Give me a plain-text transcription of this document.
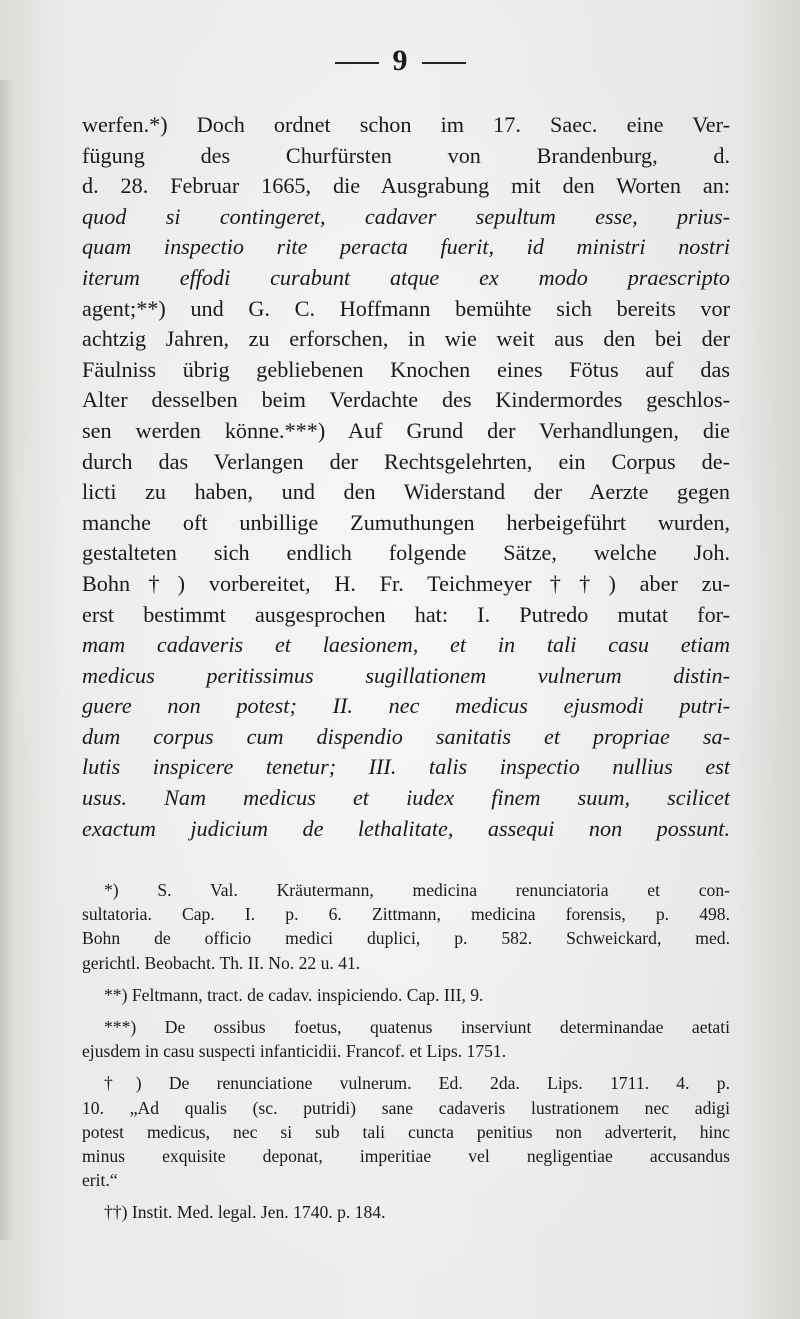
9
werfen.*) Doch ordnet schon im 17. Saec. eine Ver-
fügung des Churfürsten von Brandenburg, d.
d. 28. Februar 1665, die Ausgrabung mit den Worten an:
quod si contingeret, cadaver sepultum esse, prius-
quam inspectio rite peracta fuerit, id ministri nostri
iterum effodi curabunt atque ex modo praescripto
agent;**) und G. C. Hoffmann bemühte sich bereits vor
achtzig Jahren, zu erforschen, in wie weit aus den bei der
Fäulniss übrig gebliebenen Knochen eines Fötus auf das
Alter desselben beim Verdachte des Kindermordes geschlos-
sen werden könne.***) Auf Grund der Verhandlungen, die
durch das Verlangen der Rechtsgelehrten, ein Corpus de-
licti zu haben, und den Widerstand der Aerzte gegen
manche oft unbillige Zumuthungen herbeigeführt wurden,
gestalteten sich endlich folgende Sätze, welche Joh.
Bohn†) vorbereitet, H. Fr. Teichmeyer††) aber zu-
erst bestimmt ausgesprochen hat: I. Putredo mutat for-
mam cadaveris et laesionem, et in tali casu etiam
medicus peritissimus sugillationem vulnerum distin-
guere non potest; II. nec medicus ejusmodi putri-
dum corpus cum dispendio sanitatis et propriae sa-
lutis inspicere tenetur; III. talis inspectio nullius est
usus. Nam medicus et iudex finem suum, scilicet
exactum judicium de lethalitate, assequi non possunt.
*) S. Val. Kräutermann, medicina renunciatoria et con-
sultatoria. Cap. I. p. 6. Zittmann, medicina forensis, p. 498.
Bohn de officio medici duplici, p. 582. Schweickard, med.
gerichtl. Beobacht. Th. II. No. 22 u. 41.
**) Feltmann, tract. de cadav. inspiciendo. Cap. III, 9.
***) De ossibus foetus, quatenus inserviunt determinandae aetati
ejusdem in casu suspecti infanticidii. Francof. et Lips. 1751.
†) De renunciatione vulnerum. Ed. 2da. Lips. 1711. 4. p.
10. „Ad qualis (sc. putridi) sane cadaveris lustrationem nec adigi
potest medicus, nec si sub tali cuncta penitius non adverterit, hinc
minus exquisite deponat, imperitiae vel negligentiae accusandus
erit.“
††) Instit. Med. legal. Jen. 1740. p. 184.
